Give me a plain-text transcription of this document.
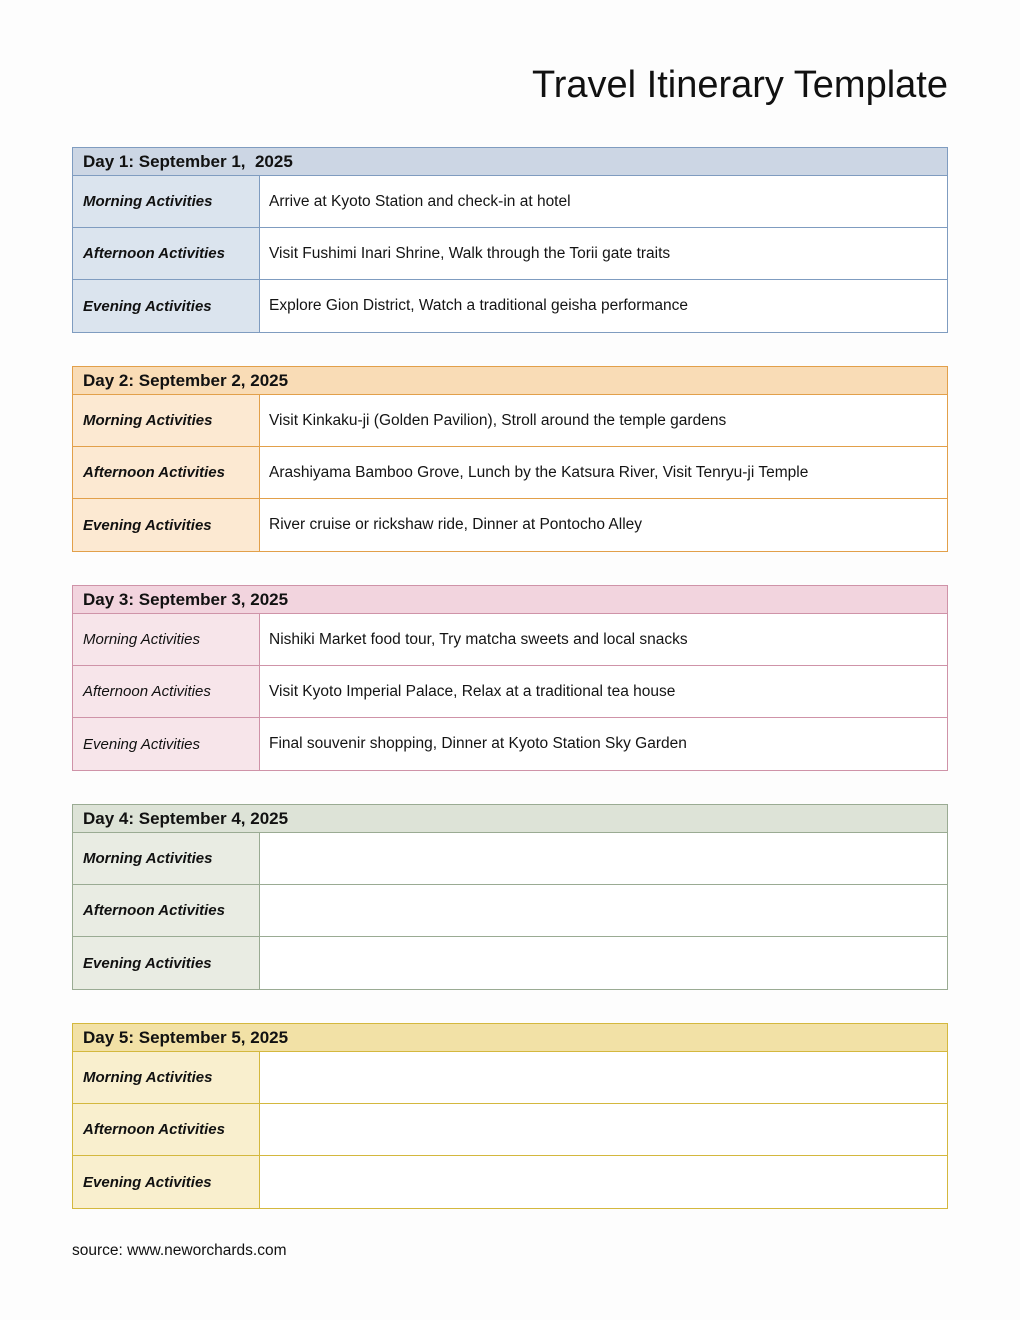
Travel Itinerary Template
Day 1: September 1,  2025
Morning Activities	Arrive at Kyoto Station and check-in at hotel
Afternoon Activities	Visit Fushimi Inari Shrine, Walk through the Torii gate traits
Evening Activities	Explore Gion District, Watch a traditional geisha performance
Day 2: September 2, 2025
Morning Activities	Visit Kinkaku-ji (Golden Pavilion), Stroll around the temple gardens
Afternoon Activities	Arashiyama Bamboo Grove, Lunch by the Katsura River, Visit Tenryu-ji Temple
Evening Activities	River cruise or rickshaw ride, Dinner at Pontocho Alley
Day 3: September 3, 2025
Morning Activities	Nishiki Market food tour, Try matcha sweets and local snacks
Afternoon Activities	Visit Kyoto Imperial Palace, Relax at a traditional tea house
Evening Activities	Final souvenir shopping, Dinner at Kyoto Station Sky Garden
Day 4: September 4, 2025
Morning Activities
Afternoon Activities
Evening Activities
Day 5: September 5, 2025
Morning Activities
Afternoon Activities
Evening Activities
source: www.neworchards.com
